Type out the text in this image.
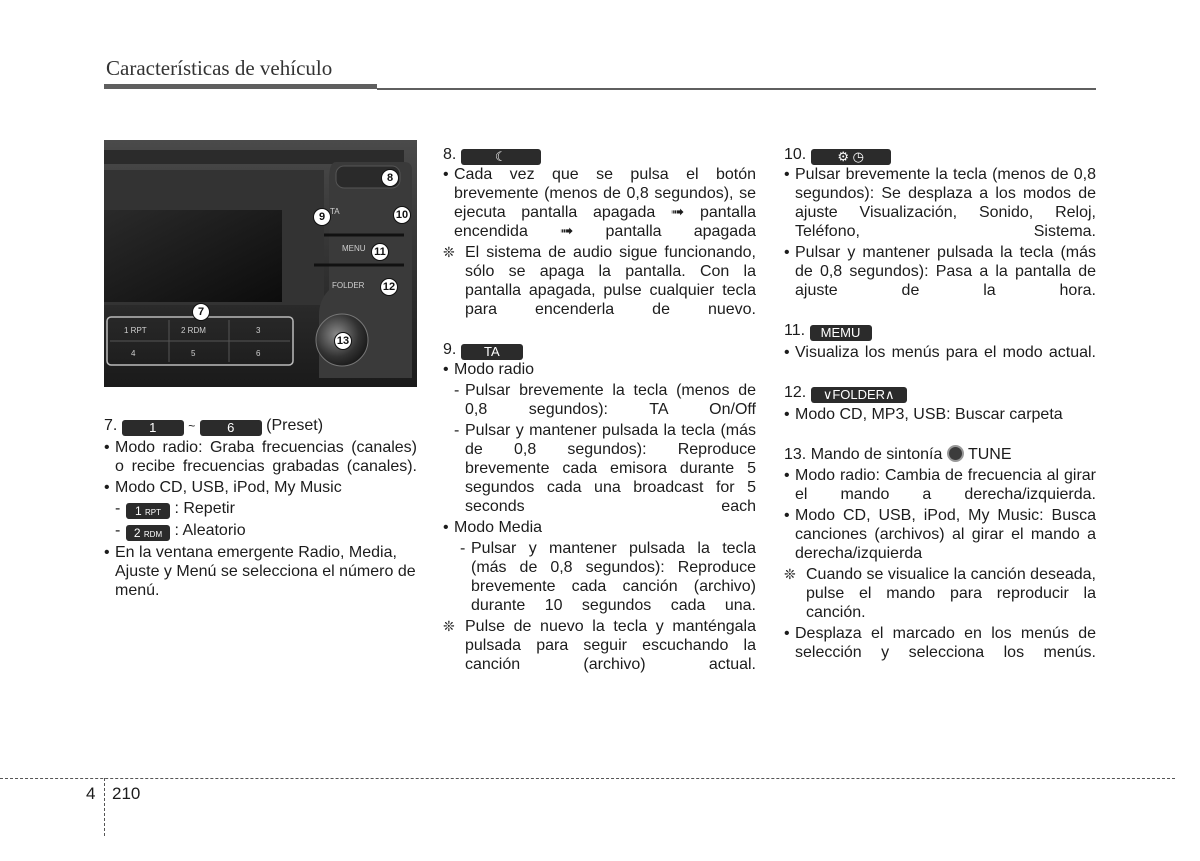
Características de vehículo
TA
MENU
FOLDER
1 RPT	2 RDM	3
4	5	6
7
8
9	10
11
12
13

7. 1	~ 6 (Preset)

• Modo radio: Graba frecuencias (canales) o recibe frecuencias grabadas (canales).

• Modo CD, USB, iPod, My Music

- 1 RPT : Repetir

- 2 RDM : Aleatorio

• En la ventana emergente Radio, Media, Ajuste y Menú se selecciona el número de menú.

8.	☾

• Cada vez que se pulsa el botón brevemente (menos de 0,8 segundos), se ejecuta pantalla apagada ➟ pantalla encendida ➟ pantalla apagada

❊ El sistema de audio sigue funcionando, sólo se apaga la pantalla. Con la pantalla apagada, pulse cualquier tecla para encenderla de nuevo.

9. TA

• Modo radio

- Pulsar brevemente la tecla (menos de 0,8 segundos): TA On/Off

- Pulsar y mantener pulsada la tecla (más de 0,8 segundos): Reproduce brevemente cada emisora durante 5 segundos cada una broadcast for 5 seconds each

• Modo Media

- Pulsar y mantener pulsada la tecla (más de 0,8 segundos): Reproduce brevemente cada canción (archivo) durante 10 segundos cada una.

❊ Pulse de nuevo la tecla y manténgala pulsada para seguir escuchando la canción (archivo) actual.

10. ⚙ ◷

• Pulsar brevemente la tecla (menos de 0,8 segundos): Se desplaza a los modos de ajuste Visualización, Sonido, Reloj, Teléfono, Sistema.

• Pulsar y mantener pulsada la tecla (más de 0,8 segundos): Pasa a la pantalla de ajuste de la hora.

11. MEMU

• Visualiza los menús para el modo actual.

12. ∨FOLDER∧

• Modo CD, MP3, USB: Buscar carpeta

13. Mando de sintonía TUNE

• Modo radio: Cambia de frecuencia al girar el mando a derecha/izquierda.

• Modo CD, USB, iPod, My Music: Busca canciones (archivos) al girar el mando a derecha/izquierda

❊ Cuando se visualice la canción deseada, pulse el mando para reproducir la canción.

• Desplaza el marcado en los menús de selección y selecciona los menús.

4 210
